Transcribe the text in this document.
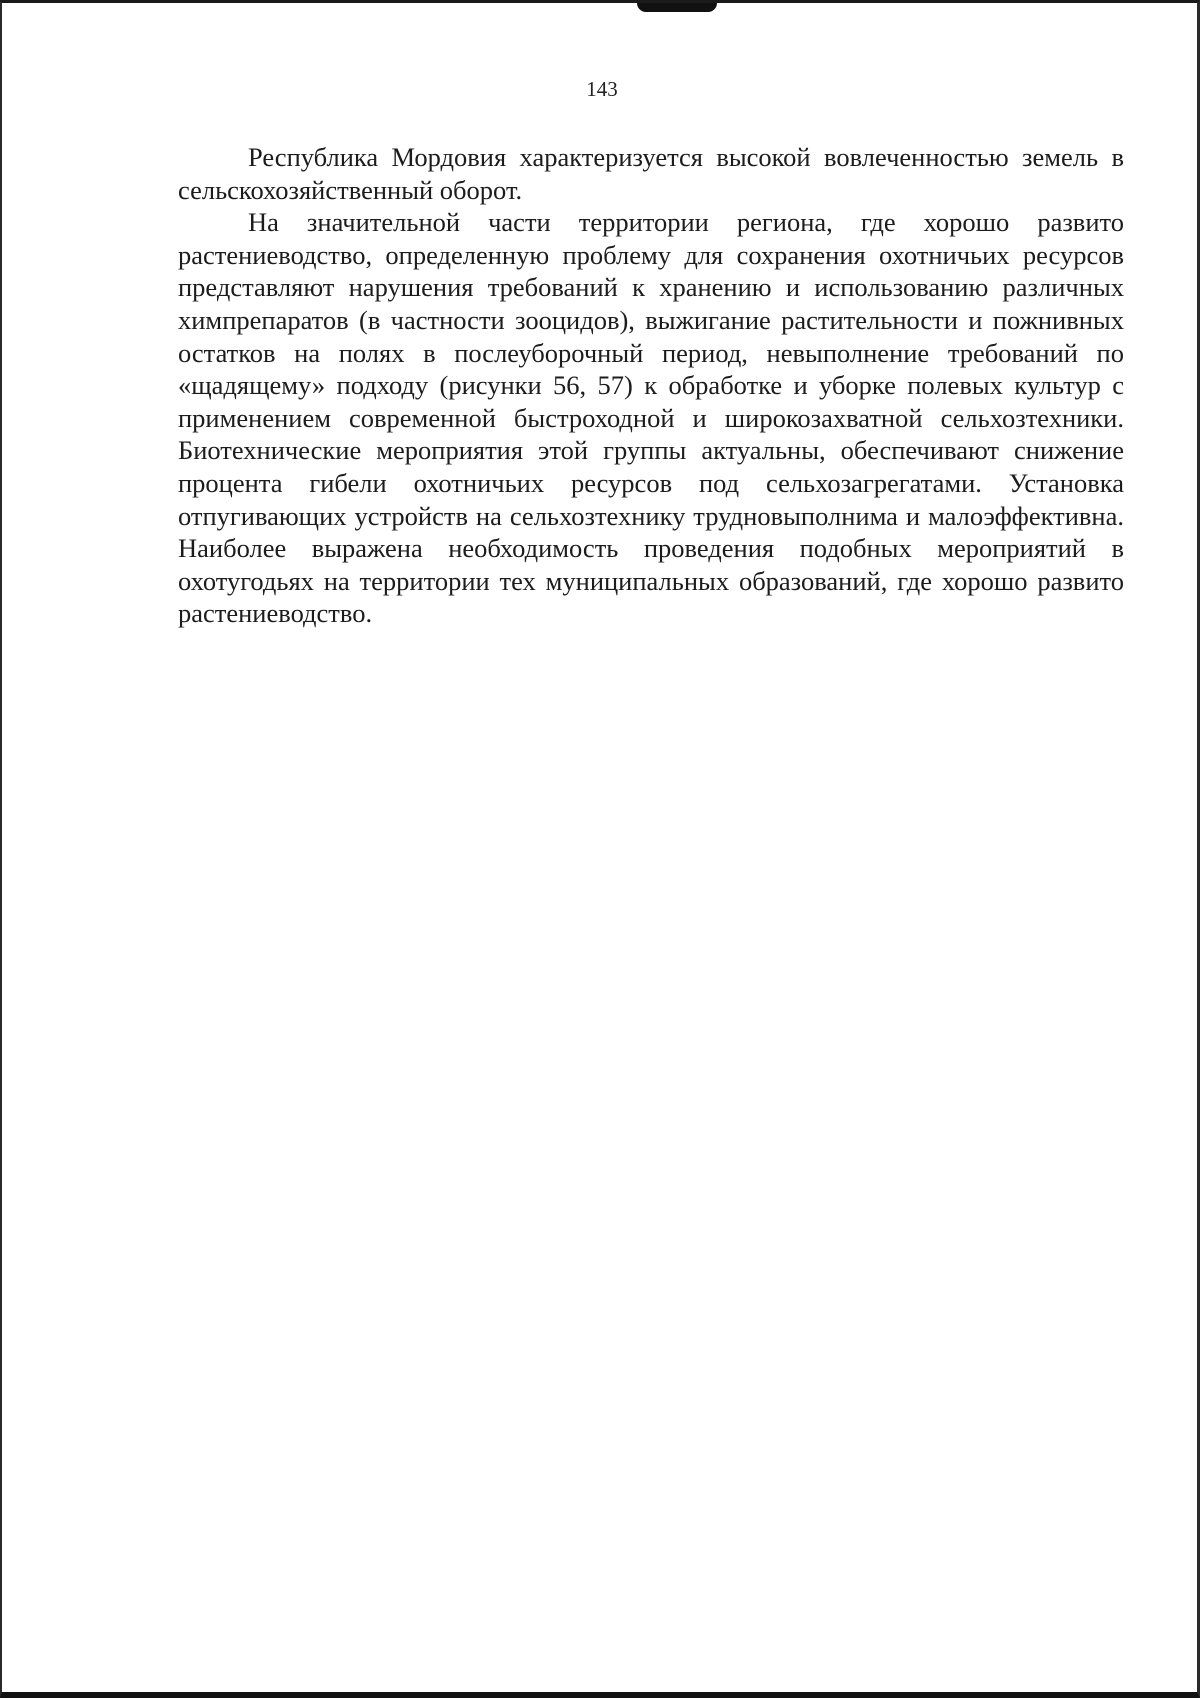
143

Республика Мордовия характеризуется высокой вовлеченностью земель в сельскохозяйственный оборот.

На значительной части территории региона, где хорошо развито растениеводство, определенную проблему для сохранения охотничьих ресурсов представляют нарушения требований к хранению и использованию различных химпрепаратов (в частности зооцидов), выжигание растительности и пожнивных остатков на полях в послеуборочный период, невыполнение требований по «щадящему» подходу (рисунки 56, 57) к обработке и уборке полевых культур с применением современной быстроходной и широкозахватной сельхозтехники. Биотехнические мероприятия этой группы актуальны, обеспечивают снижение процента гибели охотничьих ресурсов под сельхозагрегатами. Установка отпугивающих устройств на сельхозтехнику трудновыполнима и малоэффективна. Наиболее выражена необходимость проведения подобных мероприятий в охотугодьях на территории тех муниципальных образований, где хорошо развито растениеводство.
